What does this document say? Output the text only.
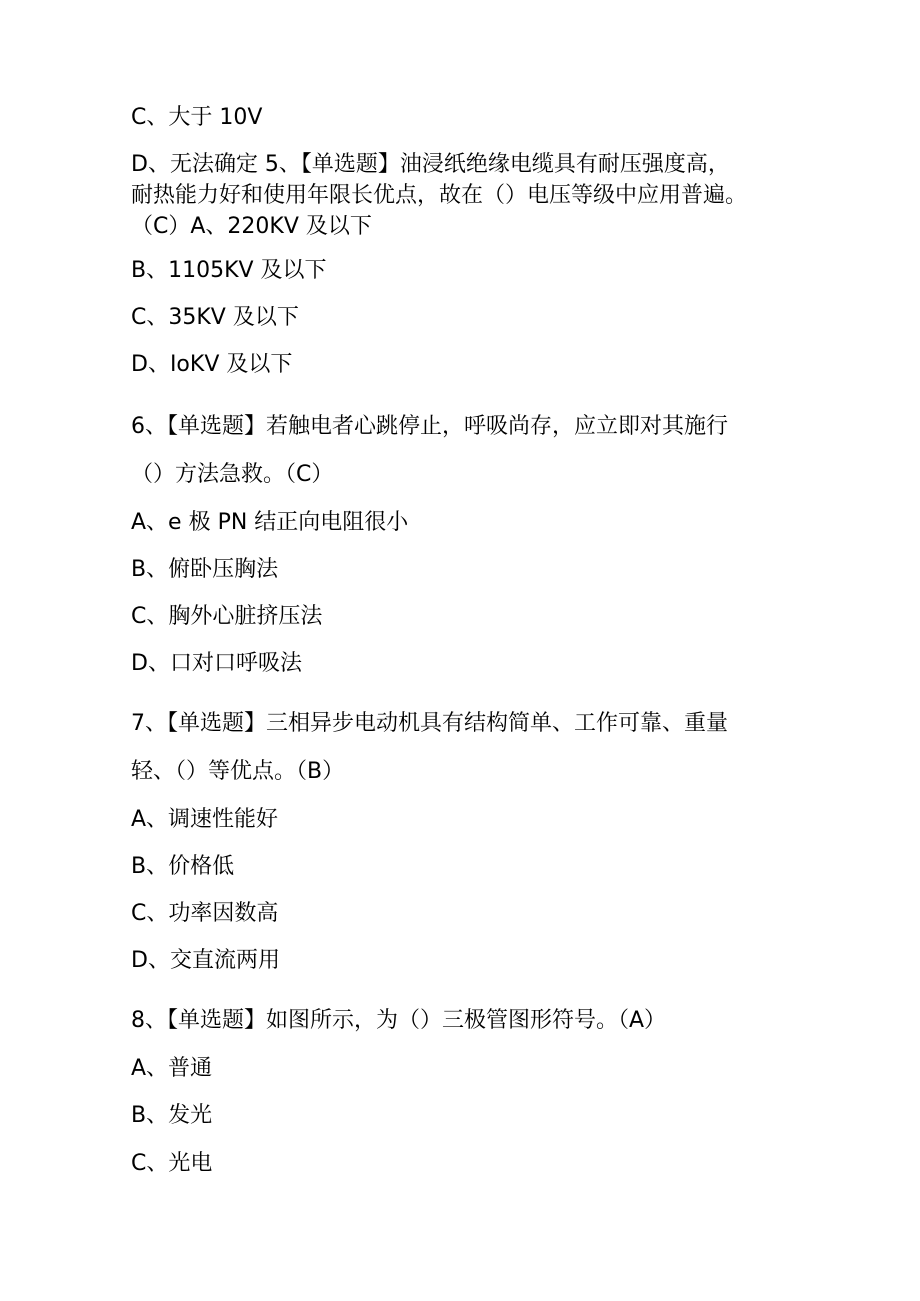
C、大于 10V
D、无法确定 5、【单选题】油浸纸绝缘电缆具有耐压强度高，
耐热能力好和使用年限长优点，故在（）电压等级中应用普遍。
（C）A、220KV 及以下
B、1105KV 及以下
C、35KV 及以下
D、IoKV 及以下
6、【单选题】若触电者心跳停止，呼吸尚存，应立即对其施行
（）方法急救。（C）
A、e 极 PN 结正向电阻很小
B、俯卧压胸法
C、胸外心脏挤压法
D、口对口呼吸法
7、【单选题】三相异步电动机具有结构简单、工作可靠、重量
轻、（）等优点。（B）
A、调速性能好
B、价格低
C、功率因数高
D、交直流两用
8、【单选题】如图所示，为（）三极管图形符号。（A）
A、普通
B、发光
C、光电
